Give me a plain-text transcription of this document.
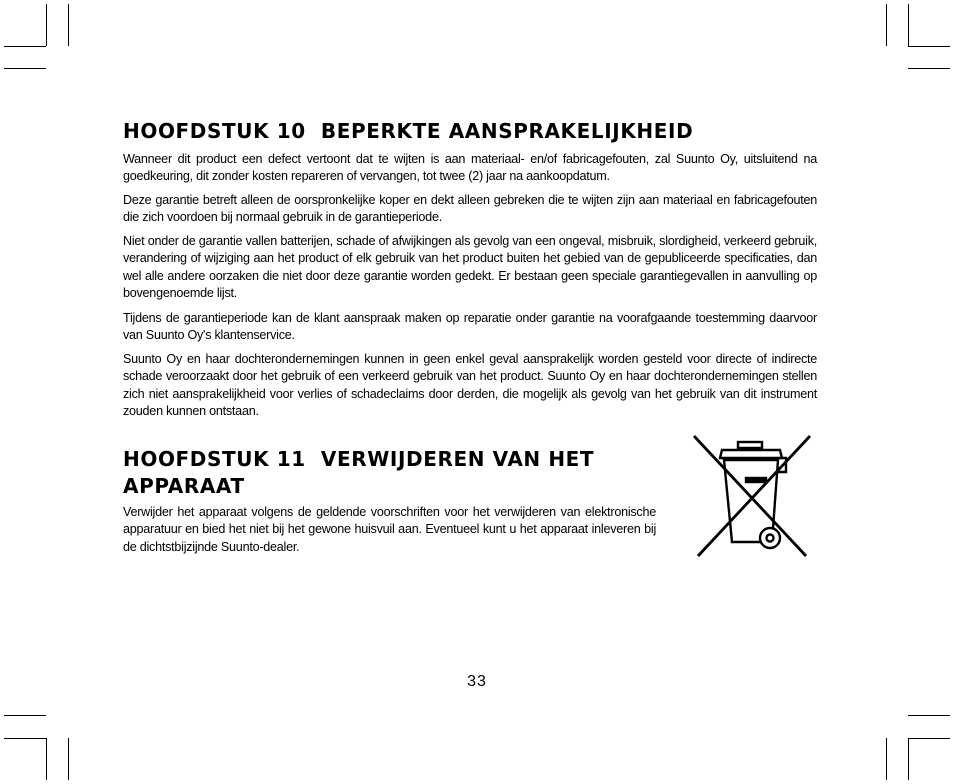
HOOFDSTUK 10  BEPERKTE AANSPRAKELIJKHEID

Wanneer dit product een defect vertoont dat te wijten is aan materiaal- en/of fabricagefouten, zal Suunto Oy, uitsluitend na goedkeuring, dit zonder kosten repareren of vervangen, tot twee (2) jaar na aankoopdatum.

Deze garantie betreft alleen de oorspronkelijke koper en dekt alleen gebreken die te wijten zijn aan materiaal en fabricagefouten die zich voordoen bij normaal gebruik in de garantieperiode.

Niet onder de garantie vallen batterijen, schade of afwijkingen als gevolg van een ongeval, misbruik, slordigheid, verkeerd gebruik, verandering of wijziging aan het product of elk gebruik van het product buiten het gebied van de gepubliceerde specificaties, dan wel alle andere oorzaken die niet door deze garantie worden gedekt. Er bestaan geen speciale garantiegevallen in aanvulling op bovengenoemde lijst.

Tijdens de garantieperiode kan de klant aanspraak maken op reparatie onder garantie na voorafgaande toestemming daarvoor van Suunto Oy's klantenservice.

Suunto Oy en haar dochterondernemingen kunnen in geen enkel geval aansprakelijk worden gesteld voor directe of indirecte schade veroorzaakt door het gebruik of een verkeerd gebruik van het product. Suunto Oy en haar dochterondernemingen stellen zich niet aansprakelijkheid voor verlies of schadeclaims door derden, die mogelijk als gevolg van het gebruik van dit instrument zouden kunnen ontstaan.

HOOFDSTUK 11  VERWIJDEREN VAN HET
APPARAAT

Verwijder het apparaat volgens de geldende voorschriften voor het verwijderen van elektronische apparatuur en bied het niet bij het gewone huisvuil aan. Eventueel kunt u het apparaat inleveren bij de dichtstbijzijnde Suunto-dealer.

33
